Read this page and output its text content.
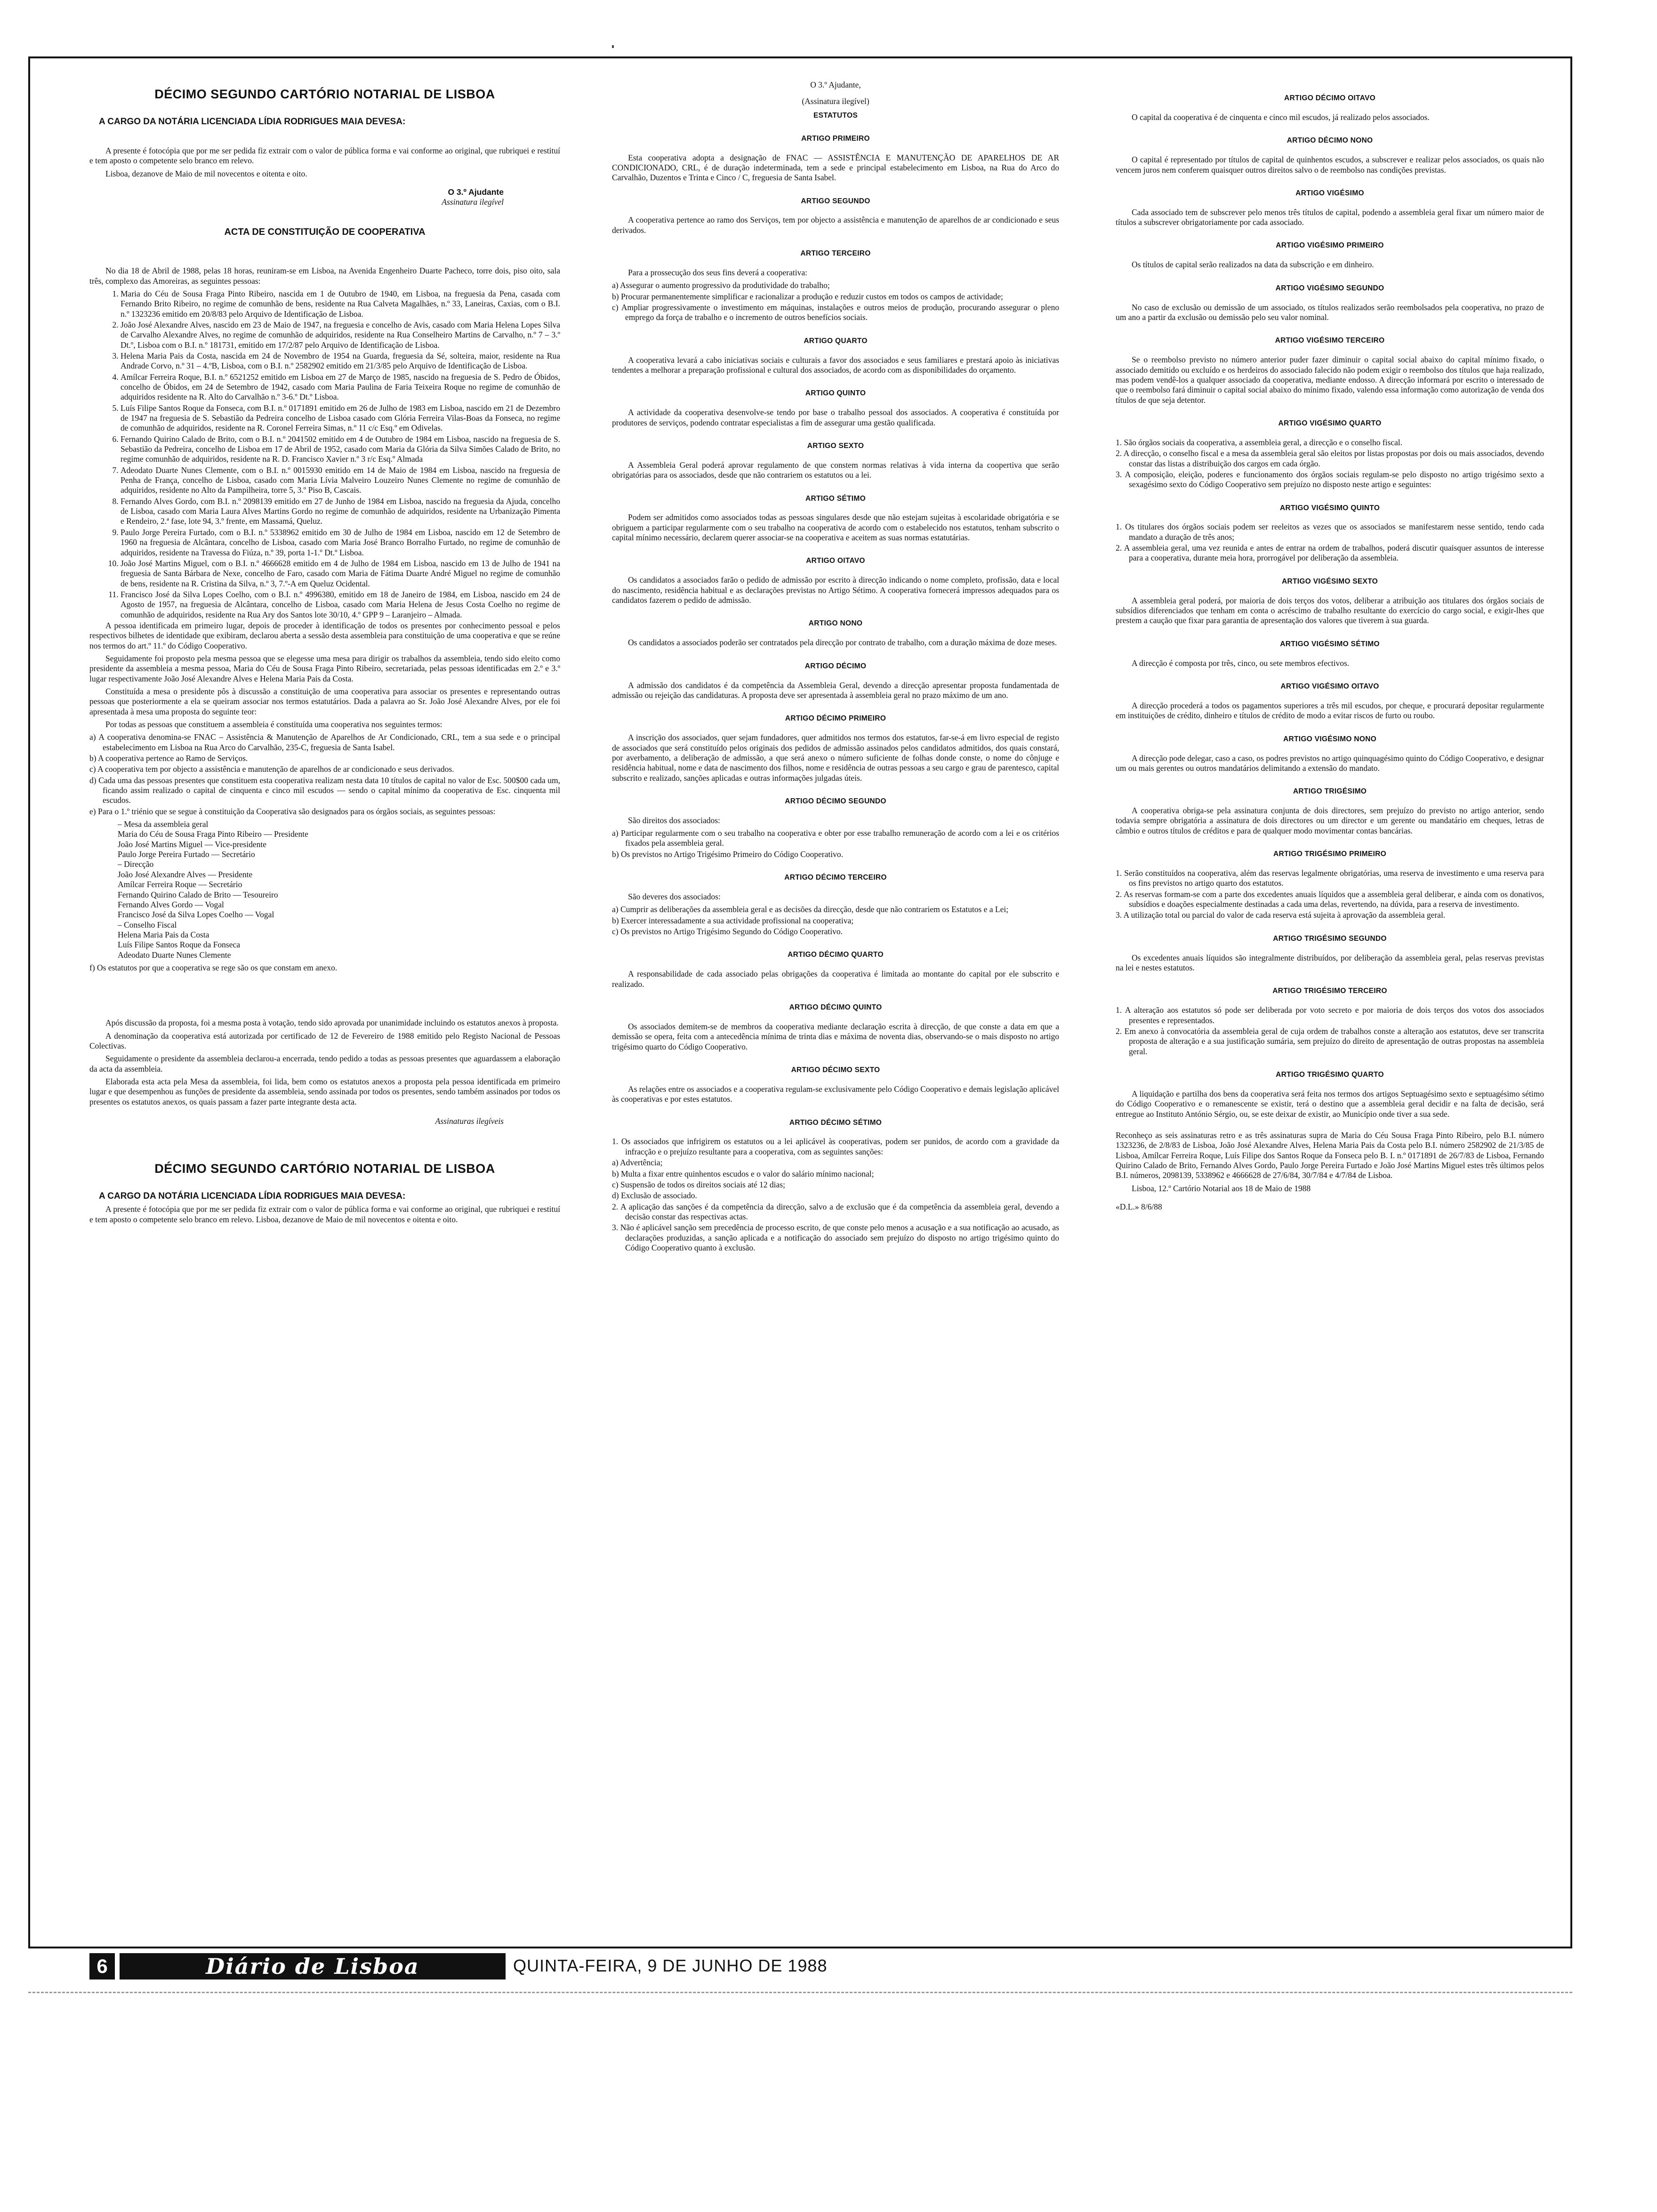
DÉCIMO SEGUNDO CARTÓRIO NOTARIAL DE LISBOA
A CARGO DA NOTÁRIA LICENCIADA LÍDIA RODRIGUES MAIA DEVESA:

A presente é fotocópia que por me ser pedida fiz extrair com o valor de pública forma e vai conforme ao original, que rubriquei e restituí e tem aposto o competente selo branco em relevo.

Lisboa, dezanove de Maio de mil novecentos e oitenta e oito.

O 3.º Ajudante
Assinatura ilegível
ACTA DE CONSTITUIÇÃO DE COOPERATIVA

No dia 18 de Abril de 1988, pelas 18 horas, reuniram-se em Lisboa, na Avenida Engenheiro Duarte Pacheco, torre dois, piso oito, sala três, complexo das Amoreiras, as seguintes pessoas:

1. Maria do Céu de Sousa Fraga Pinto Ribeiro, nascida em 1 de Outubro de 1940, em Lisboa, na freguesia da Pena, casada com Fernando Brito Ribeiro, no regime de comunhão de bens, residente na Rua Calveta Magalhães, n.º 33, Laneiras, Caxias, com o B.I. n.º 1323236 emitido em 20/8/83 pelo Arquivo de Identificação de Lisboa.
2. João José Alexandre Alves, nascido em 23 de Maio de 1947, na freguesia e concelho de Avis, casado com Maria Helena Lopes Silva de Carvalho Alexandre Alves, no regime de comunhão de adquiridos, residente na Rua Conselheiro Martins de Carvalho, n.º 7 – 3.º Dt.º, Lisboa com o B.I. n.º 181731, emitido em 17/2/87 pelo Arquivo de Identificação de Lisboa.
3. Helena Maria Pais da Costa, nascida em 24 de Novembro de 1954 na Guarda, freguesia da Sé, solteira, maior, residente na Rua Andrade Corvo, n.º 31 – 4.ºB, Lisboa, com o B.I. n.º 2582902 emitido em 21/3/85 pelo Arquivo de Identificação de Lisboa.
4. Amílcar Ferreira Roque, B.I. n.º 6521252 emitido em Lisboa em 27 de Março de 1985, nascido na freguesia de S. Pedro de Óbidos, concelho de Óbidos, em 24 de Setembro de 1942, casado com Maria Paulina de Faria Teixeira Roque no regime de comunhão de adquiridos residente na R. Alto do Carvalhão n.º 3-6.º Dt.º Lisboa.
5. Luís Filipe Santos Roque da Fonseca, com B.I. n.º 0171891 emitido em 26 de Julho de 1983 em Lisboa, nascido em 21 de Dezembro de 1947 na freguesia de S. Sebastião da Pedreira concelho de Lisboa casado com Glória Ferreira Vilas-Boas da Fonseca, no regime de comunhão de adquiridos, residente na R. Coronel Ferreira Simas, n.º 11 c/c Esq.º em Odivelas.
6. Fernando Quirino Calado de Brito, com o B.I. n.º 2041502 emitido em 4 de Outubro de 1984 em Lisboa, nascido na freguesia de S. Sebastião da Pedreira, concelho de Lisboa em 17 de Abril de 1952, casado com Maria da Glória da Silva Simões Calado de Brito, no regime comunhão de adquiridos, residente na R. D. Francisco Xavier n.º 3 r/c Esq.º Almada
7. Adeodato Duarte Nunes Clemente, com o B.I. n.º 0015930 emitido em 14 de Maio de 1984 em Lisboa, nascido na freguesia de Penha de França, concelho de Lisboa, casado com Maria Lívia Malveiro Louzeiro Nunes Clemente no regime de comunhão de adquiridos, residente no Alto da Pampilheira, torre 5, 3.º Piso B, Cascais.
8. Fernando Alves Gordo, com B.I. n.º 2098139 emitido em 27 de Junho de 1984 em Lisboa, nascido na freguesia da Ajuda, concelho de Lisboa, casado com Maria Laura Alves Martins Gordo no regime de comunhão de adquiridos, residente na Urbanização Pimenta e Rendeiro, 2.ª fase, lote 94, 3.º frente, em Massamá, Queluz.
9. Paulo Jorge Pereira Furtado, com o B.I. n.º 5338962 emitido em 30 de Julho de 1984 em Lisboa, nascido em 12 de Setembro de 1960 na freguesia de Alcântara, concelho de Lisboa, casado com Maria José Branco Borralho Furtado, no regime de comunhão de adquiridos, residente na Travessa do Fiúza, n.º 39, porta 1-1.º Dt.º Lisboa.
10. João José Martins Miguel, com o B.I. n.º 4666628 emitido em 4 de Julho de 1984 em Lisboa, nascido em 13 de Julho de 1941 na freguesia de Santa Bárbara de Nexe, concelho de Faro, casado com Maria de Fátima Duarte André Miguel no regime de comunhão de bens, residente na R. Cristina da Silva, n.º 3, 7.º-A em Queluz Ocidental.
11. Francisco José da Silva Lopes Coelho, com o B.I. n.º 4996380, emitido em 18 de Janeiro de 1984, em Lisboa, nascido em 24 de Agosto de 1957, na freguesia de Alcântara, concelho de Lisboa, casado com Maria Helena de Jesus Costa Coelho no regime de comunhão de adquiridos, residente na Rua Ary dos Santos lote 30/10, 4.º GPP 9 – Laranjeiro – Almada.

A pessoa identificada em primeiro lugar, depois de proceder à identificação de todos os presentes por conhecimento pessoal e pelos respectivos bilhetes de identidade que exibiram, declarou aberta a sessão desta assembleia para constituição de uma cooperativa e que se reúne nos termos do art.º 11.º do Código Cooperativo.

Seguidamente foi proposto pela mesma pessoa que se elegesse uma mesa para dirigir os trabalhos da assembleia, tendo sido eleito como presidente da assembleia a mesma pessoa, Maria do Céu de Sousa Fraga Pinto Ribeiro, secretariada, pelas pessoas identificadas em 2.º e 3.º lugar respectivamente João José Alexandre Alves e Helena Maria Pais da Costa.

Constituída a mesa o presidente pôs à discussão a constituição de uma cooperativa para associar os presentes e representando outras pessoas que posteriormente a ela se queiram associar nos termos estatutários. Dada a palavra ao Sr. João José Alexandre Alves, por ele foi apresentada à mesa uma proposta do seguinte teor:

Por todas as pessoas que constituem a assembleia é constituída uma cooperativa nos seguintes termos:

a) A cooperativa denomina-se FNAC – Assistência & Manutenção de Aparelhos de Ar Condicionado, CRL, tem a sua sede e o principal estabelecimento em Lisboa na Rua Arco do Carvalhão, 235-C, freguesia de Santa Isabel.
b) A cooperativa pertence ao Ramo de Serviços.
c) A cooperativa tem por objecto a assistência e manutenção de aparelhos de ar condicionado e seus derivados.
d) Cada uma das pessoas presentes que constituem esta cooperativa realizam nesta data 10 títulos de capital no valor de Esc. 500$00 cada um, ficando assim realizado o capital de cinquenta e cinco mil escudos — sendo o capital mínimo da cooperativa de Esc. cinquenta mil escudos.
e) Para o 1.º triénio que se segue à constituição da Cooperativa são designados para os órgãos sociais, as seguintes pessoas:
– Mesa da assembleia geral
Maria do Céu de Sousa Fraga Pinto Ribeiro — Presidente
João José Martins Miguel — Vice-presidente
Paulo Jorge Pereira Furtado — Secretário
– Direcção
João José Alexandre Alves — Presidente
Amílcar Ferreira Roque — Secretário
Fernando Quirino Calado de Brito — Tesoureiro
Fernando Alves Gordo — Vogal
Francisco José da Silva Lopes Coelho — Vogal
– Conselho Fiscal
Helena Maria Pais da Costa
Luís Filipe Santos Roque da Fonseca
Adeodato Duarte Nunes Clemente
f) Os estatutos por que a cooperativa se rege são os que constam em anexo.

Após discussão da proposta, foi a mesma posta à votação, tendo sido aprovada por unanimidade incluindo os estatutos anexos à proposta.

A denominação da cooperativa está autorizada por certificado de 12 de Fevereiro de 1988 emitido pelo Registo Nacional de Pessoas Colectivas.

Seguidamente o presidente da assembleia declarou-a encerrada, tendo pedido a todas as pessoas presentes que aguardassem a elaboração da acta da assembleia.

Elaborada esta acta pela Mesa da assembleia, foi lida, bem como os estatutos anexos a proposta pela pessoa identificada em primeiro lugar e que desempenhou as funções de presidente da assembleia, sendo assinada por todos os presentes, sendo também assinados por todos os presentes os estatutos anexos, os quais passam a fazer parte integrante desta acta.

Assinaturas ilegíveis
DÉCIMO SEGUNDO CARTÓRIO NOTARIAL DE LISBOA
A CARGO DA NOTÁRIA LICENCIADA LÍDIA RODRIGUES MAIA DEVESA:

A presente é fotocópia que por me ser pedida fiz extrair com o valor de pública forma e vai conforme ao original, que rubriquei e restituí e tem aposto o competente selo branco em relevo. Lisboa, dezanove de Maio de mil novecentos e oitenta e oito.

O 3.º Ajudante,
(Assinatura ilegível)
ESTATUTOS
ARTIGO PRIMEIRO

Esta cooperativa adopta a designação de FNAC — ASSISTÊNCIA E MANUTENÇÃO DE APARELHOS DE AR CONDICIONADO, CRL, é de duração indeterminada, tem a sede e principal estabelecimento em Lisboa, na Rua do Arco do Carvalhão, Duzentos e Trinta e Cinco / C, freguesia de Santa Isabel.

ARTIGO SEGUNDO

A cooperativa pertence ao ramo dos Serviços, tem por objecto a assistência e manutenção de aparelhos de ar condicionado e seus derivados.

ARTIGO TERCEIRO

Para a prossecução dos seus fins deverá a cooperativa:

a) Assegurar o aumento progressivo da produtividade do trabalho;
b) Procurar permanentemente simplificar e racionalizar a produção e reduzir custos em todos os campos de actividade;
c) Ampliar progressivamente o investimento em máquinas, instalações e outros meios de produção, procurando assegurar o pleno emprego da força de trabalho e o incremento de outros benefícios sociais.
ARTIGO QUARTO

A cooperativa levará a cabo iniciativas sociais e culturais a favor dos associados e seus familiares e prestará apoio às iniciativas tendentes a melhorar a preparação profissional e cultural dos associados, de acordo com as disponibilidades do orçamento.

ARTIGO QUINTO

A actividade da cooperativa desenvolve-se tendo por base o trabalho pessoal dos associados. A cooperativa é constituída por produtores de serviços, podendo contratar especialistas a fim de assegurar uma gestão qualificada.

ARTIGO SEXTO

A Assembleia Geral poderá aprovar regulamento de que constem normas relativas à vida interna da coopertiva que serão obrigatórias para os associados, desde que não contrariem os estatutos ou a lei.

ARTIGO SÉTIMO

Podem ser admitidos como associados todas as pessoas singulares desde que não estejam sujeitas à escolaridade obrigatória e se obriguem a participar regularmente com o seu trabalho na cooperativa de acordo com o estabelecido nos estatutos, tenham subscrito o capital mínimo necessário, declarem querer associar-se na cooperativa e aceitem as suas normas estatutárias.

ARTIGO OITAVO

Os candidatos a associados farão o pedido de admissão por escrito à direcção indicando o nome completo, profissão, data e local do nascimento, residência habitual e as declarações previstas no Artigo Sétimo. A cooperativa fornecerá impressos adequados para os candidatos fazerem o pedido de admissão.

ARTIGO NONO

Os candidatos a associados poderão ser contratados pela direcção por contrato de trabalho, com a duração máxima de doze meses.

ARTIGO DÉCIMO

A admissão dos candidatos é da competência da Assembleia Geral, devendo a direcção apresentar proposta fundamentada de admissão ou rejeição das candidaturas. A proposta deve ser apresentada à assembleia geral no prazo máximo de um ano.

ARTIGO DÉCIMO PRIMEIRO

A inscrição dos associados, quer sejam fundadores, quer admitidos nos termos dos estatutos, far-se-á em livro especial de registo de associados que será constituído pelos originais dos pedidos de admissão assinados pelos candidatos admitidos, dos quais constará, por averbamento, a deliberação de admissão, a que será anexo o número suficiente de folhas donde conste, o nome do cônjuge e residência habitual, nome e data de nascimento dos filhos, nome e residência de outras pessoas a seu cargo e grau de parentesco, capital subscrito e realizado, sanções aplicadas e outras informações julgadas úteis.

ARTIGO DÉCIMO SEGUNDO

São direitos dos associados:

a) Participar regularmente com o seu trabalho na cooperativa e obter por esse trabalho remuneração de acordo com a lei e os critérios fixados pela assembleia geral.
b) Os previstos no Artigo Trigésimo Primeiro do Código Cooperativo.
ARTIGO DÉCIMO TERCEIRO

São deveres dos associados:

a) Cumprir as deliberações da assembleia geral e as decisões da direcção, desde que não contrariem os Estatutos e a Lei;
b) Exercer interessadamente a sua actividade profissional na cooperativa;
c) Os previstos no Artigo Trigésimo Segundo do Código Cooperativo.
ARTIGO DÉCIMO QUARTO

A responsabilidade de cada associado pelas obrigações da cooperativa é limitada ao montante do capital por ele subscrito e realizado.

ARTIGO DÉCIMO QUINTO

Os associados demitem-se de membros da cooperativa mediante declaração escrita à direcção, de que conste a data em que a demissão se opera, feita com a antecedência mínima de trinta dias e máxima de noventa dias, observando-se o mais disposto no artigo trigésimo quarto do Código Cooperativo.

ARTIGO DÉCIMO SEXTO

As relações entre os associados e a cooperativa regulam-se exclusivamente pelo Código Cooperativo e demais legislação aplicável às cooperativas e por estes estatutos.

ARTIGO DÉCIMO SÉTIMO
1. Os associados que infrigirem os estatutos ou a lei aplicável às cooperativas, podem ser punidos, de acordo com a gravidade da infracção e o prejuízo resultante para a cooperativa, com as seguintes sanções:
a) Advertência;
b) Multa a fixar entre quinhentos escudos e o valor do salário mínimo nacional;
c) Suspensão de todos os direitos sociais até 12 dias;
d) Exclusão de associado.
2. A aplicação das sanções é da competência da direcção, salvo a de exclusão que é da competência da assembleia geral, devendo a decisão constar das respectivas actas.
3. Não é aplicável sanção sem precedência de processo escrito, de que conste pelo menos a acusação e a sua notificação ao acusado, as declarações produzidas, a sanção aplicada e a notificação do associado sem prejuízo do disposto no artigo trigésimo quinto do Código Cooperativo quanto à exclusão.
ARTIGO DÉCIMO OITAVO

O capital da cooperativa é de cinquenta e cinco mil escudos, já realizado pelos associados.

ARTIGO DÉCIMO NONO

O capital é representado por títulos de capital de quinhentos escudos, a subscrever e realizar pelos associados, os quais não vencem juros nem conferem quaisquer outros direitos salvo o de reembolso nas condições previstas.

ARTIGO VIGÉSIMO

Cada associado tem de subscrever pelo menos três títulos de capital, podendo a assembleia geral fixar um número maior de títulos a subscrever obrigatoriamente por cada associado.

ARTIGO VIGÉSIMO PRIMEIRO

Os títulos de capital serão realizados na data da subscrição e em dinheiro.

ARTIGO VIGÉSIMO SEGUNDO

No caso de exclusão ou demissão de um associado, os títulos realizados serão reembolsados pela cooperativa, no prazo de um ano a partir da exclusão ou demissão pelo seu valor nominal.

ARTIGO VIGÉSIMO TERCEIRO

Se o reembolso previsto no número anterior puder fazer diminuir o capital social abaixo do capital mínimo fixado, o associado demitido ou excluído e os herdeiros do associado falecido não podem exigir o reembolso dos títulos que haja realizado, mas podem vendê-los a qualquer associado da cooperativa, mediante endosso. A direcção informará por escrito o interessado de que o reembolso fará diminuir o capital social abaixo do mínimo fixado, valendo essa informação como autorização de venda dos títulos de que seja detentor.

ARTIGO VIGÉSIMO QUARTO
1. São órgãos sociais da cooperativa, a assembleia geral, a direcção e o conselho fiscal.
2. A direcção, o conselho fiscal e a mesa da assembleia geral são eleitos por listas propostas por dois ou mais associados, devendo constar das listas a distribuição dos cargos em cada órgão.
3. A composição, eleição, poderes e funcionamento dos órgãos sociais regulam-se pelo disposto no artigo trigésimo sexto a sexagésimo sexto do Código Cooperativo sem prejuízo no disposto neste artigo e seguintes:
ARTIGO VIGÉSIMO QUINTO
1. Os titulares dos órgãos sociais podem ser reeleitos as vezes que os associados se manifestarem nesse sentido, tendo cada mandato a duração de três anos;
2. A assembleia geral, uma vez reunida e antes de entrar na ordem de trabalhos, poderá discutir quaisquer assuntos de interesse para a cooperativa, durante meia hora, prorrogável por deliberação da assembleia.
ARTIGO VIGÉSIMO SEXTO

A assembleia geral poderá, por maioria de dois terços dos votos, deliberar a atribuição aos titulares dos órgãos sociais de subsídios diferenciados que tenham em conta o acréscimo de trabalho resultante do exercício do cargo social, e exigir-lhes que prestem a caução que fixar para garantia de apresentação dos valores que tiverem à sua guarda.

ARTIGO VIGÉSIMO SÉTIMO

A direcção é composta por três, cinco, ou sete membros efectivos.

ARTIGO VIGÉSIMO OITAVO

A direcção procederá a todos os pagamentos superiores a três mil escudos, por cheque, e procurará depositar regularmente em instituições de crédito, dinheiro e títulos de crédito de modo a evitar riscos de furto ou roubo.

ARTIGO VIGÉSIMO NONO

A direcção pode delegar, caso a caso, os podres previstos no artigo quinquagésimo quinto do Código Cooperativo, e designar um ou mais gerentes ou outros mandatários delimitando a extensão do mandato.

ARTIGO TRIGÉSIMO

A cooperativa obriga-se pela assinatura conjunta de dois directores, sem prejuízo do previsto no artigo anterior, sendo todavia sempre obrigatória a assinatura de dois directores ou um director e um gerente ou mandatário em cheques, letras de câmbio e outros títulos de créditos e para de qualquer modo movimentar contas bancárias.

ARTIGO TRIGÉSIMO PRIMEIRO
1. Serão constituídos na cooperativa, além das reservas legalmente obrigatórias, uma reserva de investimento e uma reserva para os fins previstos no artigo quarto dos estatutos.
2. As reservas formam-se com a parte dos excedentes anuais líquidos que a assembleia geral deliberar, e ainda com os donativos, subsídios e doações especialmente destinadas a cada uma delas, revertendo, na dúvida, para a reserva de investimento.
3. A utilização total ou parcial do valor de cada reserva está sujeita à aprovação da assembleia geral.
ARTIGO TRIGÉSIMO SEGUNDO

Os excedentes anuais líquidos são integralmente distribuídos, por deliberação da assembleia geral, pelas reservas previstas na lei e nestes estatutos.

ARTIGO TRIGÉSIMO TERCEIRO
1. A alteração aos estatutos só pode ser deliberada por voto secreto e por maioria de dois terços dos votos dos associados presentes e representados.
2. Em anexo à convocatória da assembleia geral de cuja ordem de trabalhos conste a alteração aos estatutos, deve ser transcrita proposta de alteração e a sua justificação sumária, sem prejuízo do direito de apresentação de outras propostas na assembleia geral.
ARTIGO TRIGÉSIMO QUARTO

A liquidação e partilha dos bens da cooperativa será feita nos termos dos artigos Septuagésimo sexto e septuagésimo sétimo do Código Cooperativo e o remanescente se existir, terá o destino que a assembleia geral decidir e na falta de decisão, será entregue ao Instituto António Sérgio, ou, se este deixar de existir, ao Município onde tiver a sua sede.

Reconheço as seis assinaturas retro e as três assinaturas supra de Maria do Céu Sousa Fraga Pinto Ribeiro, pelo B.I. número 1323236, de 2/8/83 de Lisboa, João José Alexandre Alves, Helena Maria Pais da Costa pelo B.I. número 2582902 de 21/3/85 de Lisboa, Amílcar Ferreira Roque, Luís Filipe dos Santos Roque da Fonseca pelo B. I. n.º 0171891 de 26/7/83 de Lisboa, Fernando Quirino Calado de Brito, Fernando Alves Gordo, Paulo Jorge Pereira Furtado e João José Martins Miguel estes três últimos pelos B.I. números, 2098139, 5338962 e 4666628 de 27/6/84, 30/7/84 e 4/7/84 de Lisboa.

Lisboa, 12.º Cartório Notarial aos 18 de Maio de 1988

«D.L.» 8/6/88
6	Diário de Lisboa	QUINTA-FEIRA, 9 DE JUNHO DE 1988
